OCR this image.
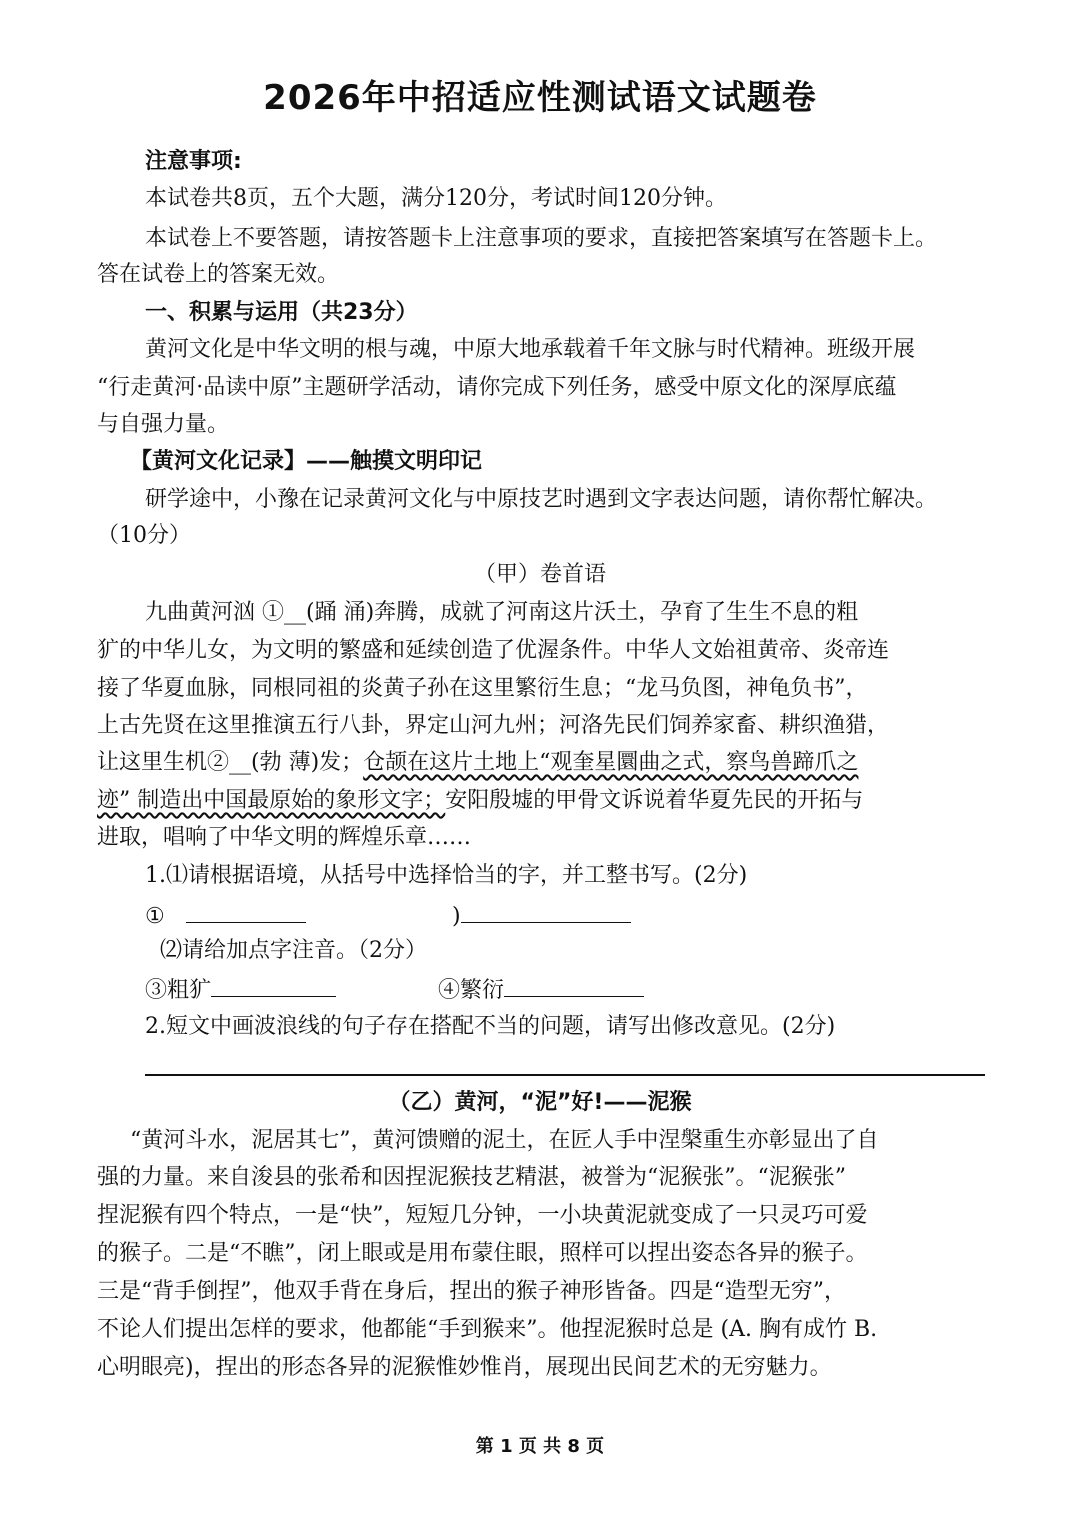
2026年中招适应性测试语文试题卷
注意事项:
本试卷共8页，五个大题，满分120分，考试时间120分钟。
本试卷上不要答题，请按答题卡上注意事项的要求，直接把答案填写在答题卡上。
答在试卷上的答案无效。
一、积累与运用（共23分）
黄河文化是中华文明的根与魂，中原大地承载着千年文脉与时代精神。班级开展
“行走黄河·品读中原”主题研学活动，请你完成下列任务，感受中原文化的深厚底蕴
与自强力量。
【黄河文化记录】——触摸文明印记
研学途中，小豫在记录黄河文化与中原技艺时遇到文字表达问题，请你帮忙解决。
（10分）
（甲）卷首语
九曲黄河汹 ①__(踊 涌)奔腾，成就了河南这片沃土，孕育了生生不息的粗
犷的中华儿女，为文明的繁盛和延续创造了优渥条件。中华人文始祖黄帝、炎帝连
接了华夏血脉，同根同祖的炎黄子孙在这里繁衍生息；“龙马负图，神龟负书”，
上古先贤在这里推演五行八卦，界定山河九州；河洛先民们饲养家畜、耕织渔猎，
让这里生机②__(勃 薄)发；仓颉在这片土地上“观奎星圜曲之式，察鸟兽蹄爪之
迹” 制造出中国最原始的象形文字；安阳殷墟的甲骨文诉说着华夏先民的开拓与
进取，唱响了中华文明的辉煌乐章……
1.⑴请根据语境，从括号中选择恰当的字，并工整书写。(2分)
①	)
⑵请给加点字注音。（2分）
③粗犷	④繁衍
2.短文中画波浪线的句子存在搭配不当的问题，请写出修改意见。(2分)
（乙）黄河，“泥”好!——泥猴
“黄河斗水，泥居其七”，黄河馈赠的泥土，在匠人手中涅槃重生亦彰显出了自
强的力量。来自浚县的张希和因捏泥猴技艺精湛，被誉为“泥猴张”。“泥猴张”
捏泥猴有四个特点，一是“快”，短短几分钟，一小块黄泥就变成了一只灵巧可爱
的猴子。二是“不瞧”，闭上眼或是用布蒙住眼，照样可以捏出姿态各异的猴子。
三是“背手倒捏”，他双手背在身后，捏出的猴子神形皆备。四是“造型无穷”，
不论人们提出怎样的要求，他都能“手到猴来”。他捏泥猴时总是 (A. 胸有成竹 B.
心明眼亮)，捏出的形态各异的泥猴惟妙惟肖，展现出民间艺术的无穷魅力。
第 1 页 共 8 页
